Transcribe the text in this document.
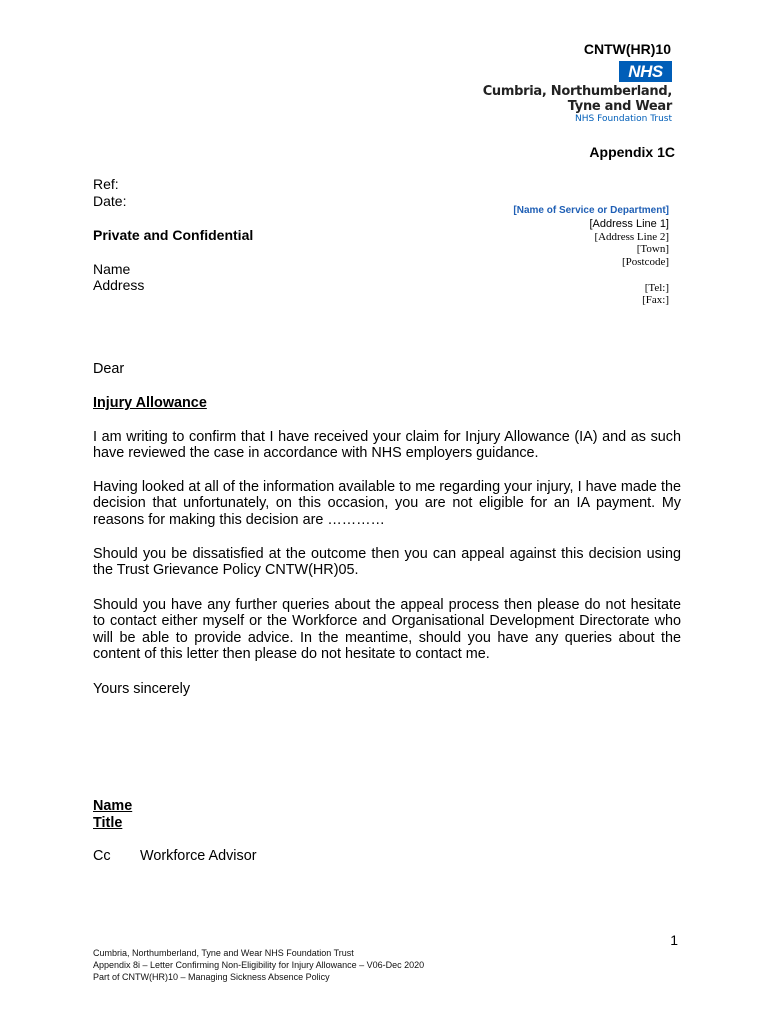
CNTW(HR)10
NHS
Cumbria, Northumberland,
Tyne and Wear
NHS Foundation Trust
Appendix 1C
Ref:
Date:
Private and Confidential
Name
Address
[Name of Service or Department]
[Address Line 1]
[Address Line 2]
[Town]
[Postcode]
[Tel:]
[Fax:]

Dear

Injury Allowance

I am writing to confirm that I have received your claim for Injury Allowance (IA) and as such have reviewed the case in accordance with NHS employers guidance.

Having looked at all of the information available to me regarding your injury, I have made the decision that unfortunately, on this occasion, you are not eligible for an IA payment. My reasons for making this decision are …………

Should you be dissatisfied at the outcome then you can appeal against this decision using the Trust Grievance Policy CNTW(HR)05.

Should you have any further queries about the appeal process then please do not hesitate to contact either myself or the Workforce and Organisational Development Directorate who will be able to provide advice. In the meantime, should you have any queries about the content of this letter then please do not hesitate to contact me.

Yours sincerely

Name
Title
Cc Workforce Advisor
1
Cumbria, Northumberland, Tyne and Wear NHS Foundation Trust
Appendix 8i – Letter Confirming Non-Eligibility for Injury Allowance – V06-Dec 2020
Part of CNTW(HR)10 – Managing Sickness Absence Policy
